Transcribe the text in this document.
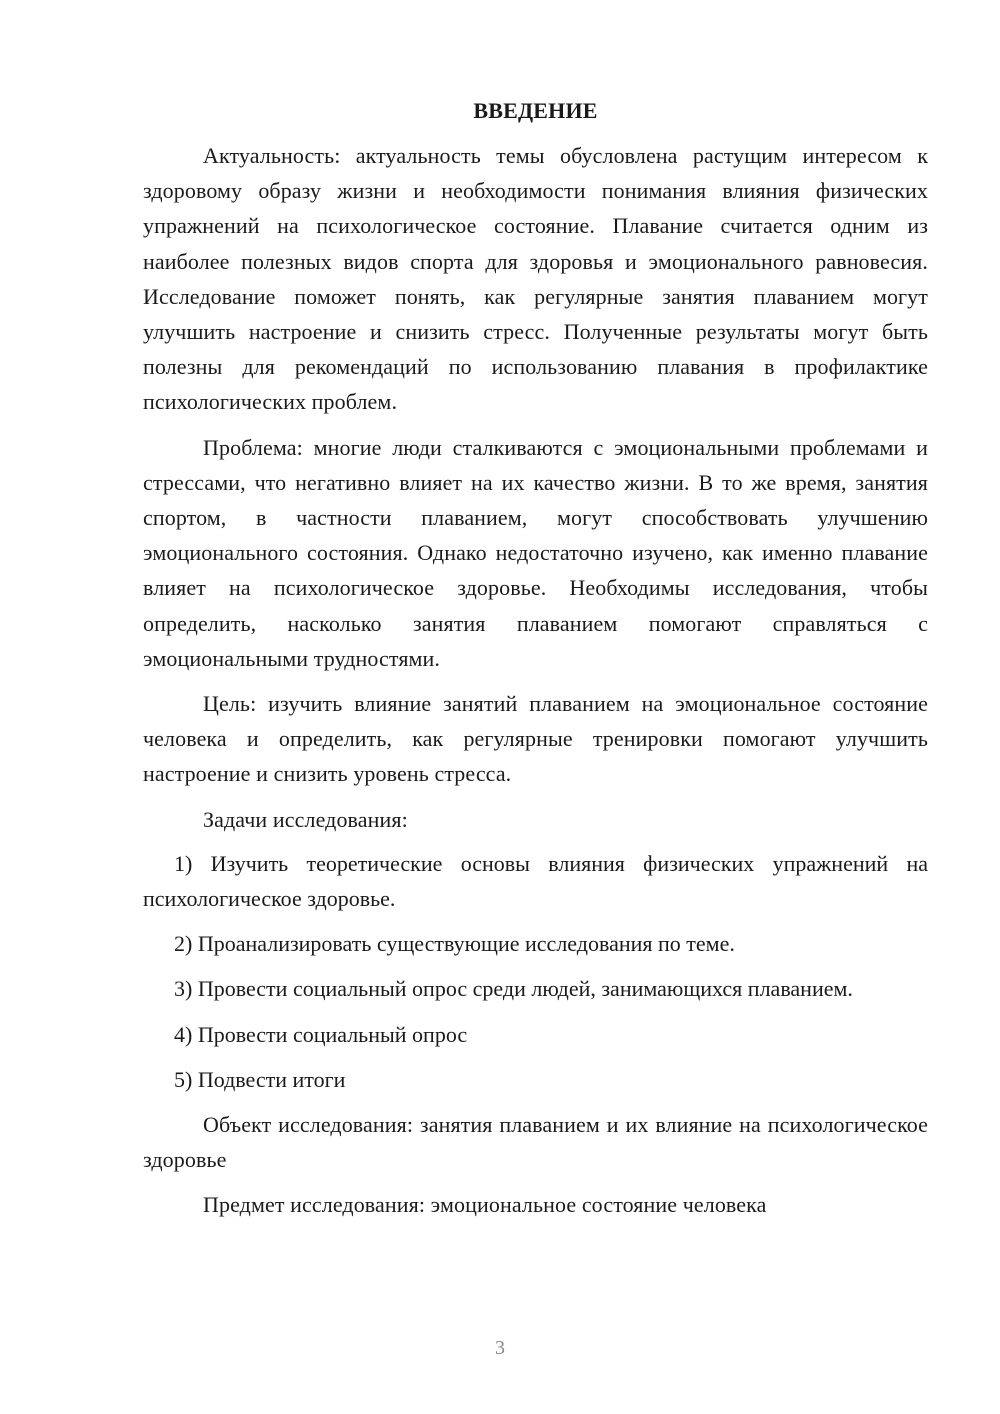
ВВЕДЕНИЕ

Актуальность: актуальность темы обусловлена растущим интересом к здоровому образу жизни и необходимости понимания влияния физических упражнений на психологическое состояние. Плавание считается одним из наиболее полезных видов спорта для здоровья и эмоционального равновесия. Исследование поможет понять, как регулярные занятия плаванием могут улучшить настроение и снизить стресс. Полученные результаты могут быть полезны для рекомендаций по использованию плавания в профилактике психологических проблем.

Проблема: многие люди сталкиваются с эмоциональными проблемами и стрессами, что негативно влияет на их качество жизни. В то же время, занятия спортом, в частности плаванием, могут способствовать улучшению эмоционального состояния. Однако недостаточно изучено, как именно плавание влияет на психологическое здоровье. Необходимы исследования, чтобы определить, насколько занятия плаванием помогают справляться с эмоциональными трудностями.

Цель: изучить влияние занятий плаванием на эмоциональное состояние человека и определить, как регулярные тренировки помогают улучшить настроение и снизить уровень стресса.

Задачи исследования:

1) Изучить теоретические основы влияния физических упражнений на психологическое здоровье.

2) Проанализировать существующие исследования по теме.

3) Провести социальный опрос среди людей, занимающихся плаванием.

4) Провести социальный опрос

5) Подвести итоги

Объект исследования: занятия плаванием и их влияние на психологическое здоровье

Предмет исследования: эмоциональное состояние человека

3
